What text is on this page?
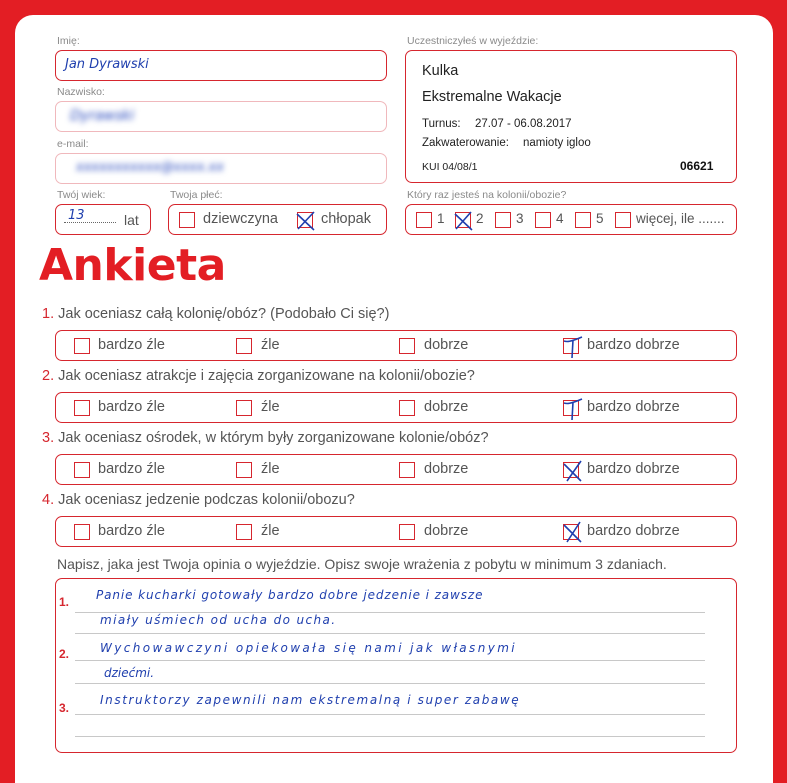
Imię:
Jan Dyrawski
Nazwisko:
Dyrawski
e-mail:
xxxxxxxxxxx@xxxx.xx
Twój wiek:
13	lat
Twoja płeć:
dziewczyna	chłopak
Uczestniczyłeś w wyjeździe:
Kulka
Ekstremalne Wakacje
Turnus: 27.07 - 06.08.2017
Zakwaterowanie: namioty igloo
KUI 04/08/1	06621
Który raz jesteś na kolonii/obozie?
1 2 3 4 5 więcej, ile .......
Ankieta
1. Jak oceniasz całą kolonię/obóz? (Podobało Ci się?)
bardzo źle	źle	dobrze	bardzo dobrze
2. Jak oceniasz atrakcje i zajęcia zorganizowane na kolonii/obozie?
bardzo źle	źle	dobrze	bardzo dobrze
3. Jak oceniasz ośrodek, w którym były zorganizowane kolonie/obóz?
bardzo źle	źle	dobrze	bardzo dobrze
4. Jak oceniasz jedzenie podczas kolonii/obozu?
bardzo źle	źle	dobrze	bardzo dobrze
Napisz, jaka jest Twoja opinia o wyjeździe. Opisz swoje wrażenia z pobytu w minimum 3 zdaniach.
1. Panie kucharki gotowały bardzo dobre jedzenie i zawsze
miały uśmiech od ucha do ucha.
2.	Wychowawczyni opiekowała się nami jak własnymi
dziećmi.
3.
Instruktorzy zapewnili nam ekstremalną i super zabawę
